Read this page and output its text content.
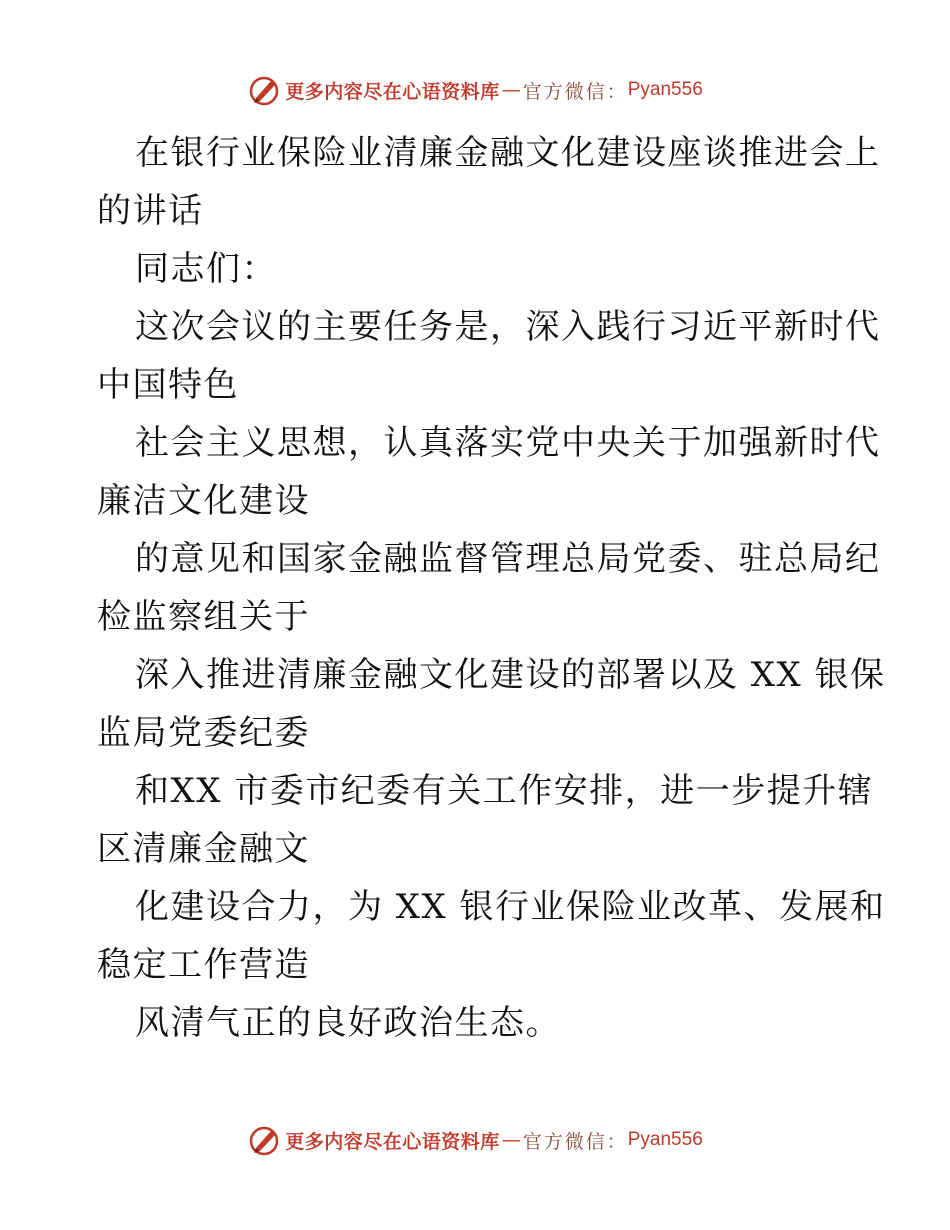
更多内容尽在心语资料库 — 官方微信： Pyan556
在银行业保险业清廉金融文化建设座谈推进会上
的讲话
同志们：
这次会议的主要任务是，深入践行习近平新时代
中国特色
社会主义思想，认真落实党中央关于加强新时代
廉洁文化建设
的意见和国家金融监督管理总局党委、驻总局纪
检监察组关于
深入推进清廉金融文化建设的部署以及 XX 银保
监局党委纪委
和XX 市委市纪委有关工作安排，进一步提升辖
区清廉金融文
化建设合力，为 XX 银行业保险业改革、发展和
稳定工作营造
风清气正的良好政治生态。
更多内容尽在心语资料库 — 官方微信： Pyan556
